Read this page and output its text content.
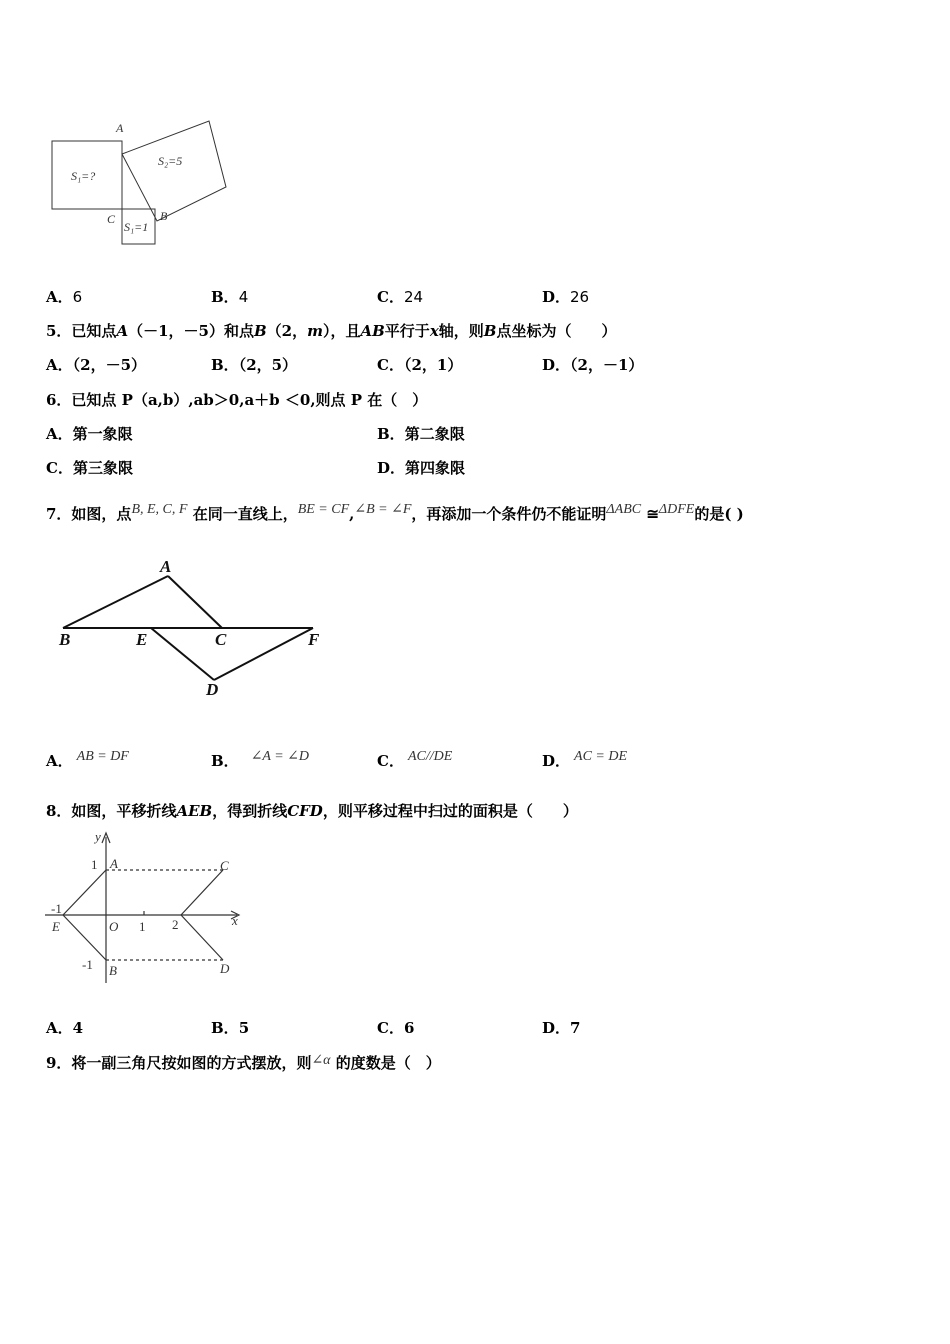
A
C	B
S₁=?
S₂=5
S₁=1
A．6	B．4	C．24	D．26
5．已知点A（－1，－5）和点B（2，m），且AB平行于x轴，则B点坐标为（　　）
A．（2，－5）	B．（2，5）	C．（2，1）	D．（2，－1）
6．已知点 P（a,b）,ab＞0,a＋b ＜0,则点 P 在（　）
A．第一象限	B．第二象限
C．第三象限	D．第四象限
7．如图，点B, E, C, F 在同一直线上，BE = CF,∠B = ∠F，再添加一个条件仍不能证明ΔABC ≅ΔDFE的是( )
A
B	E	C	F
D
A． AB = DF	B． ∠A = ∠D	C． AC//DE	D． AC = DE
8．如图，平移折线AEB，得到折线CFD，则平移过程中扫过的面积是（　　）
y
x
1 A	C
-1
E	O 1 2
-1 B	D
A．4	B．5	C．6	D．7
9．将一副三角尺按如图的方式摆放，则∠α 的度数是（　）
